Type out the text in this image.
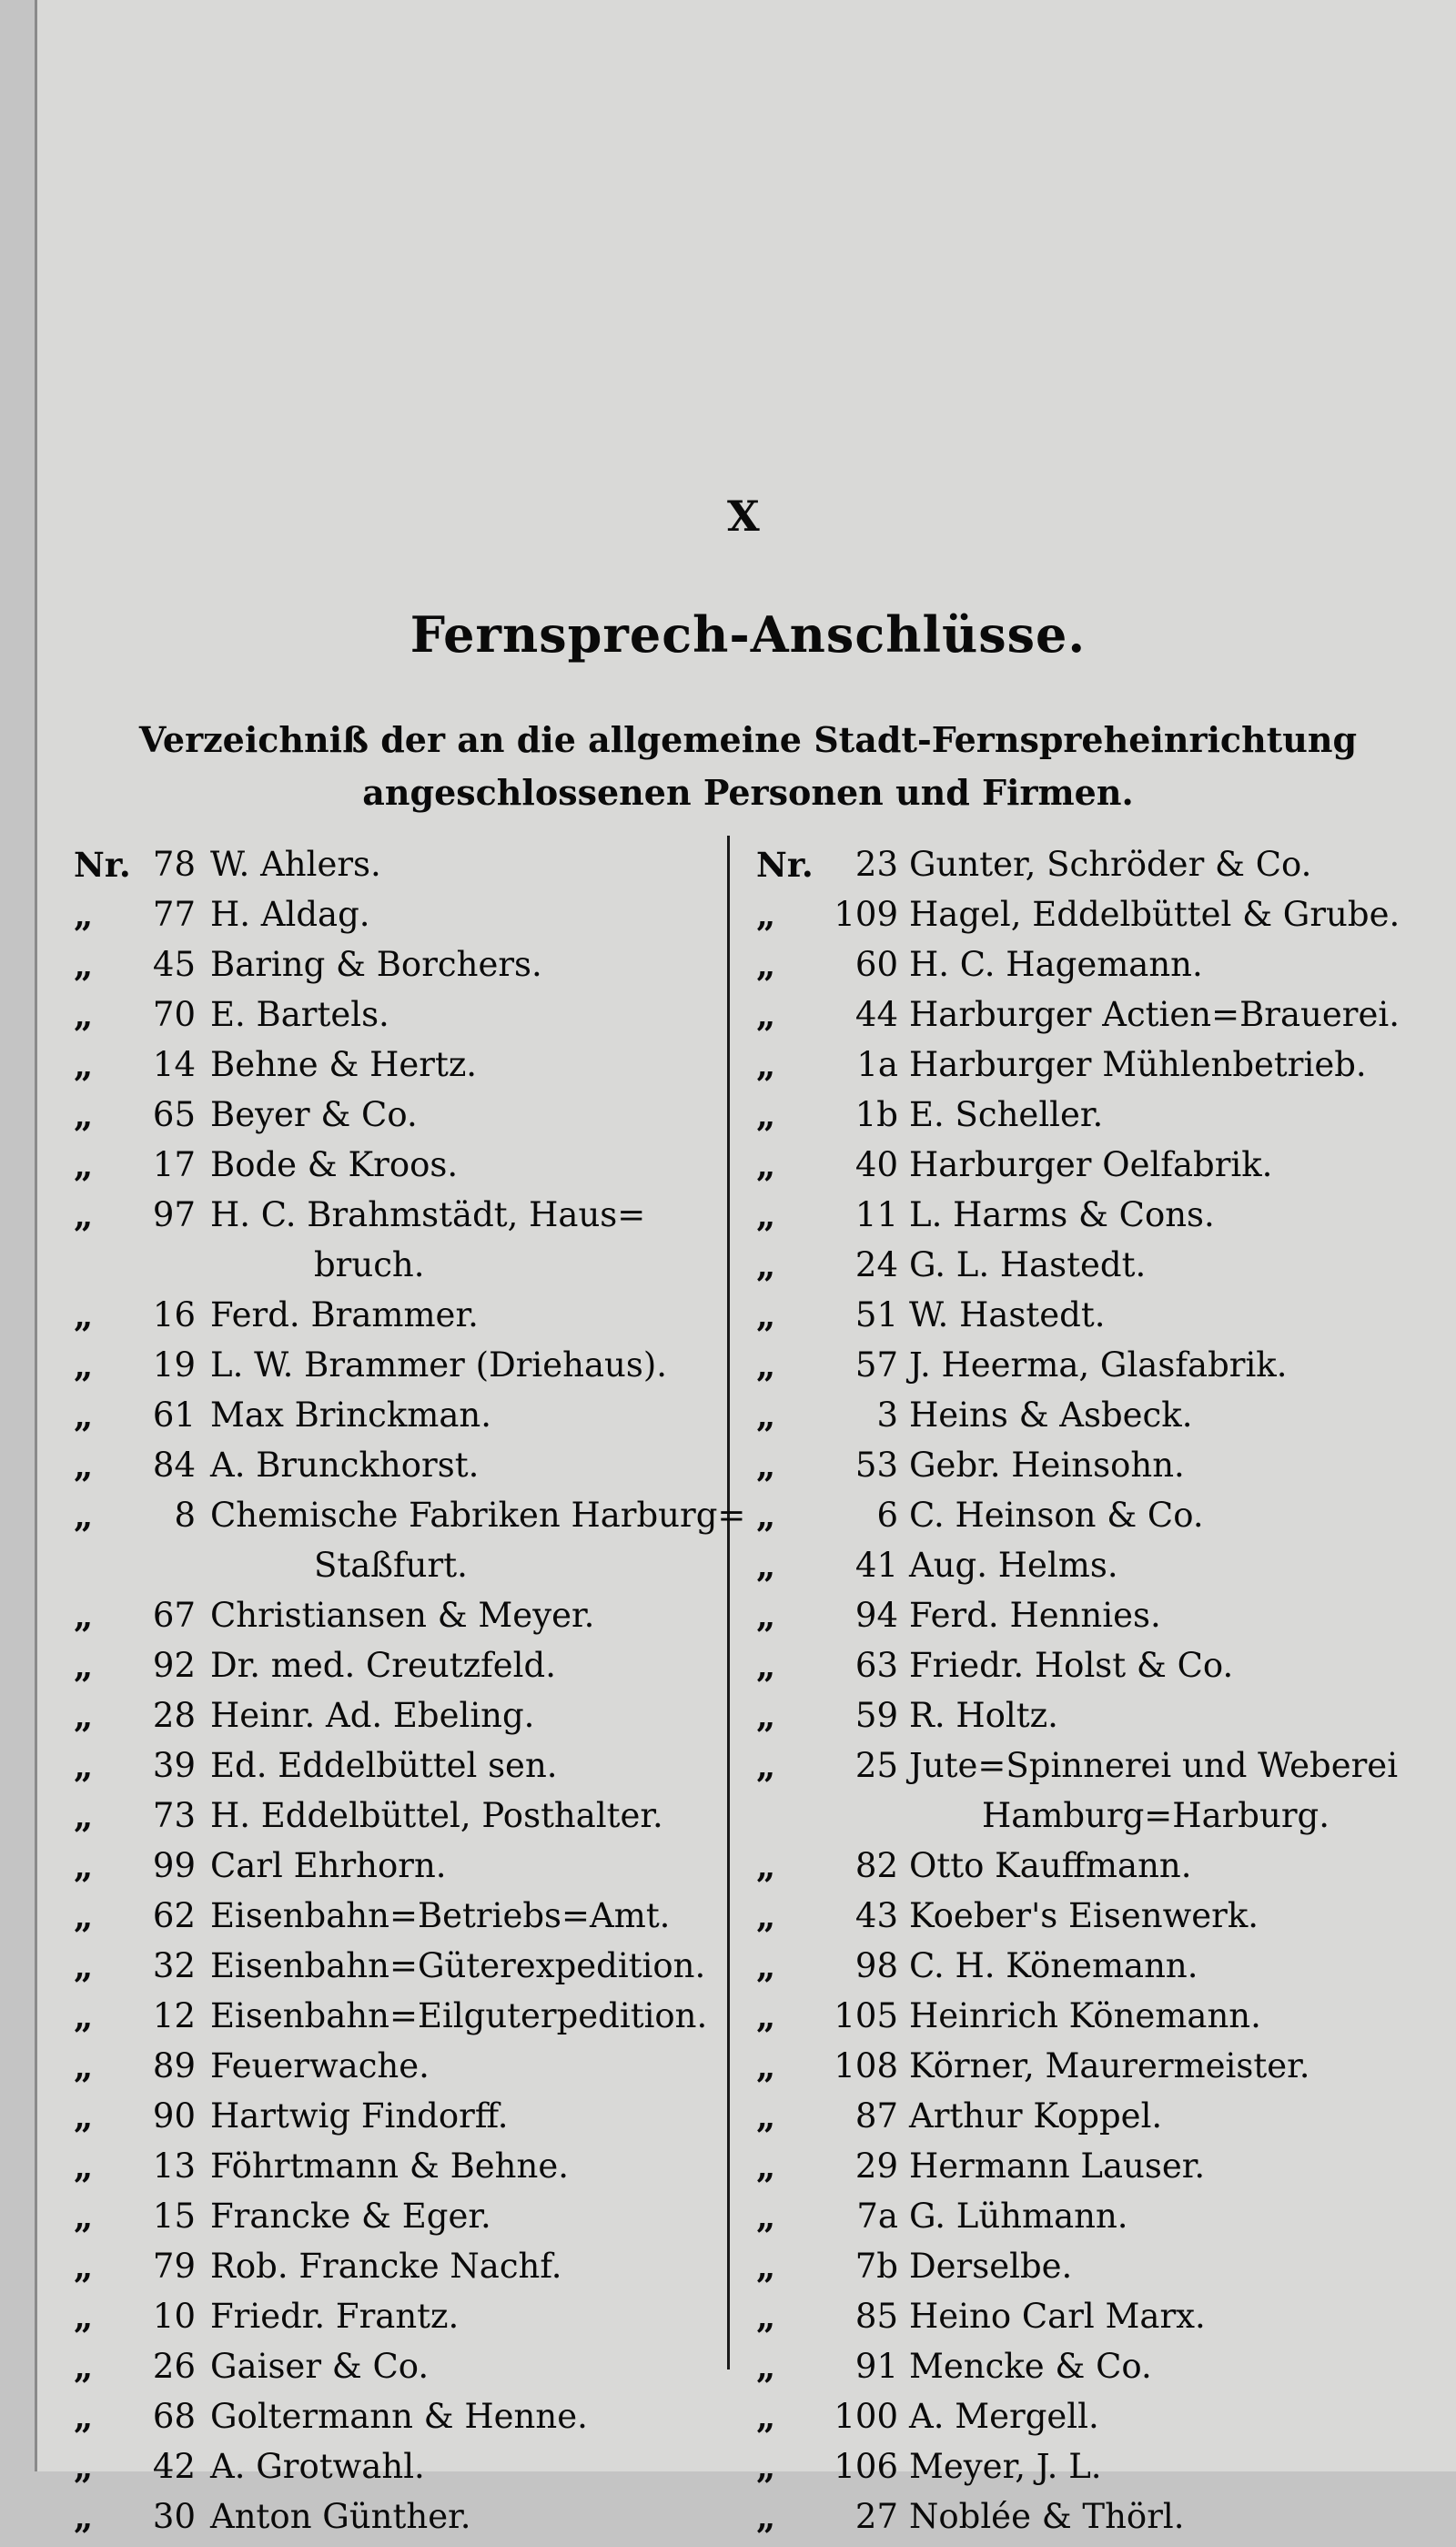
X
Fernsprech-Anschlüsse.
Verzeichniß der an die allgemeine Stadt-Fernspreheinrichtung
angeschlossenen Personen und Firmen.
Nr. 78 W. Ahlers.
„	77 H. Aldag.
„	45 Baring & Borchers.
„	70 E. Bartels.
„	14 Behne & Hertz.
„	65 Beyer & Co.
„	17 Bode & Kroos.
„	97 H. C. Brahmstädt, Haus=
bruch.
„	16 Ferd. Brammer.
„	19 L. W. Brammer (Driehaus).
„	61 Max Brinckman.
„	84 A. Brunckhorst.
„	8 Chemische Fabriken Harburg=
Staßfurt.
„	67 Christiansen & Meyer.
„	92 Dr. med. Creutzfeld.
„	28 Heinr. Ad. Ebeling.
„	39 Ed. Eddelbüttel sen.
„	73 H. Eddelbüttel, Posthalter.
„	99 Carl Ehrhorn.
„	62 Eisenbahn=Betriebs=Amt.
„	32 Eisenbahn=Güterexpedition.
„	12 Eisenbahn=Eilguterpedition.
„	89 Feuerwache.
„	90 Hartwig Findorff.
„	13 Föhrtmann & Behne.
„	15 Francke & Eger.
„	79 Rob. Francke Nachf.
„	10 Friedr. Frantz.
„	26 Gaiser & Co.
„	68 Goltermann & Henne.
„	42 A. Grotwahl.
„	30 Anton Günther.
Nr.	23 Gunter, Schröder & Co.
„	109 Hagel, Eddelbüttel & Grube.
„	60 H. C. Hagemann.
„	44 Harburger Actien=Brauerei.
„	1a Harburger Mühlenbetrieb.
„	1b E. Scheller.
„	40 Harburger Oelfabrik.
„	11 L. Harms & Cons.
„	24 G. L. Hastedt.
„	51 W. Hastedt.
„	57 J. Heerma, Glasfabrik.
„	3 Heins & Asbeck.
„	53 Gebr. Heinsohn.
„	6 C. Heinson & Co.
„	41 Aug. Helms.
„	94 Ferd. Hennies.
„	63 Friedr. Holst & Co.
„	59 R. Holtz.
„	25 Jute=Spinnerei und Weberei
Hamburg=Harburg.
„	82 Otto Kauffmann.
„	43 Koeber's Eisenwerk.
„	98 C. H. Könemann.
„	105 Heinrich Könemann.
„	108 Körner, Maurermeister.
„	87 Arthur Koppel.
„	29 Hermann Lauser.
„	7a G. Lühmann.
„	7b Derselbe.
„	85 Heino Carl Marx.
„	91 Mencke & Co.
„	100 A. Mergell.
„	106 Meyer, J. L.
„	27 Noblée & Thörl.
